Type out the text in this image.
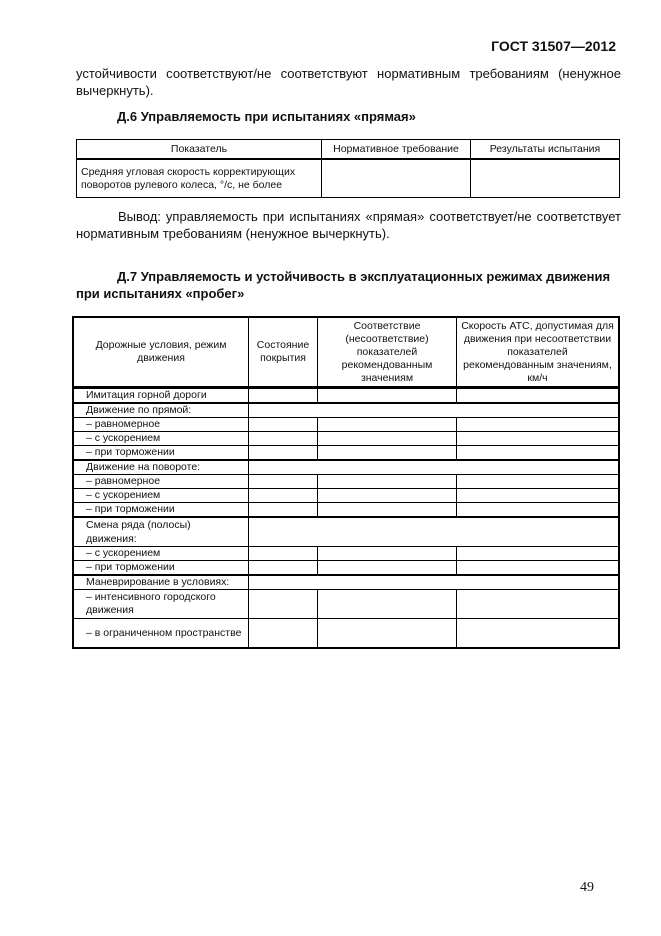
ГОСТ 31507—2012
устойчивости соответствуют/не соответствуют нормативным требованиям (ненужное вычеркнуть).
Д.6 Управляемость при испытаниях «прямая»
Показатель	Нормативное требование	Результаты испытания
Средняя угловая скорость корректирующих поворотов рулевого колеса, °/с, не более		
Вывод: управляемость при испытаниях «прямая» соответствует/не соответствует нормативным требованиям (ненужное вычеркнуть).
Д.7 Управляемость и устойчивость в эксплуатационных режимах движения
при испытаниях «пробег»
Дорожные условия, режим движения	Состояние покрытия	Соответствие (несоответствие) показателей рекомендованным значениям	Скорость АТС, допустимая для движения при несоответствии показателей рекомендованным значениям, км/ч
Имитация горной дороги			
Движение по прямой:			
– равномерное			
– с ускорением			
– при торможении			
Движение на повороте:			
– равномерное			
– с ускорением			
– при торможении			
Смена ряда (полосы) движения:			
– с ускорением			
– при торможении			
Маневрирование в условиях:			
– интенсивного городского движения			
– в ограниченном пространстве			
49
